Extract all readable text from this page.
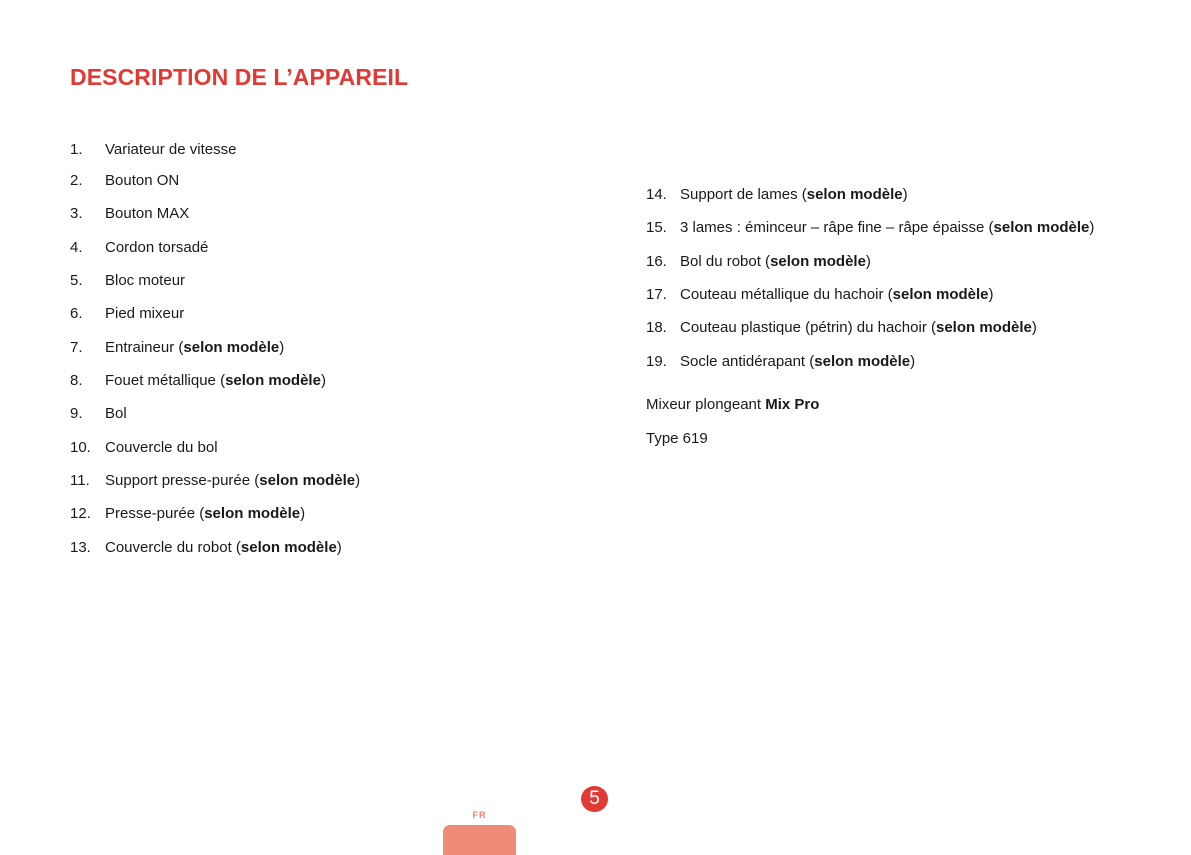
DESCRIPTION DE L’APPAREIL
1. Variateur de vitesse
2. Bouton ON
3. Bouton MAX
4. Cordon torsadé
5. Bloc moteur
6. Pied mixeur
7. Entraineur (selon modèle)
8. Fouet métallique (selon modèle)
9. Bol
10. Couvercle du bol
11. Support presse-purée (selon modèle)
12. Presse-purée (selon modèle)
13. Couvercle du robot (selon modèle)
14. Support de lames (selon modèle)
15. 3 lames : éminceur – râpe fine – râpe épaisse (selon modèle)
16. Bol du robot (selon modèle)
17. Couteau métallique du hachoir (selon modèle)
18. Couteau plastique (pétrin) du hachoir (selon modèle)
19. Socle antidérapant (selon modèle)
Mixeur plongeant Mix Pro
Type 619
5
FR
